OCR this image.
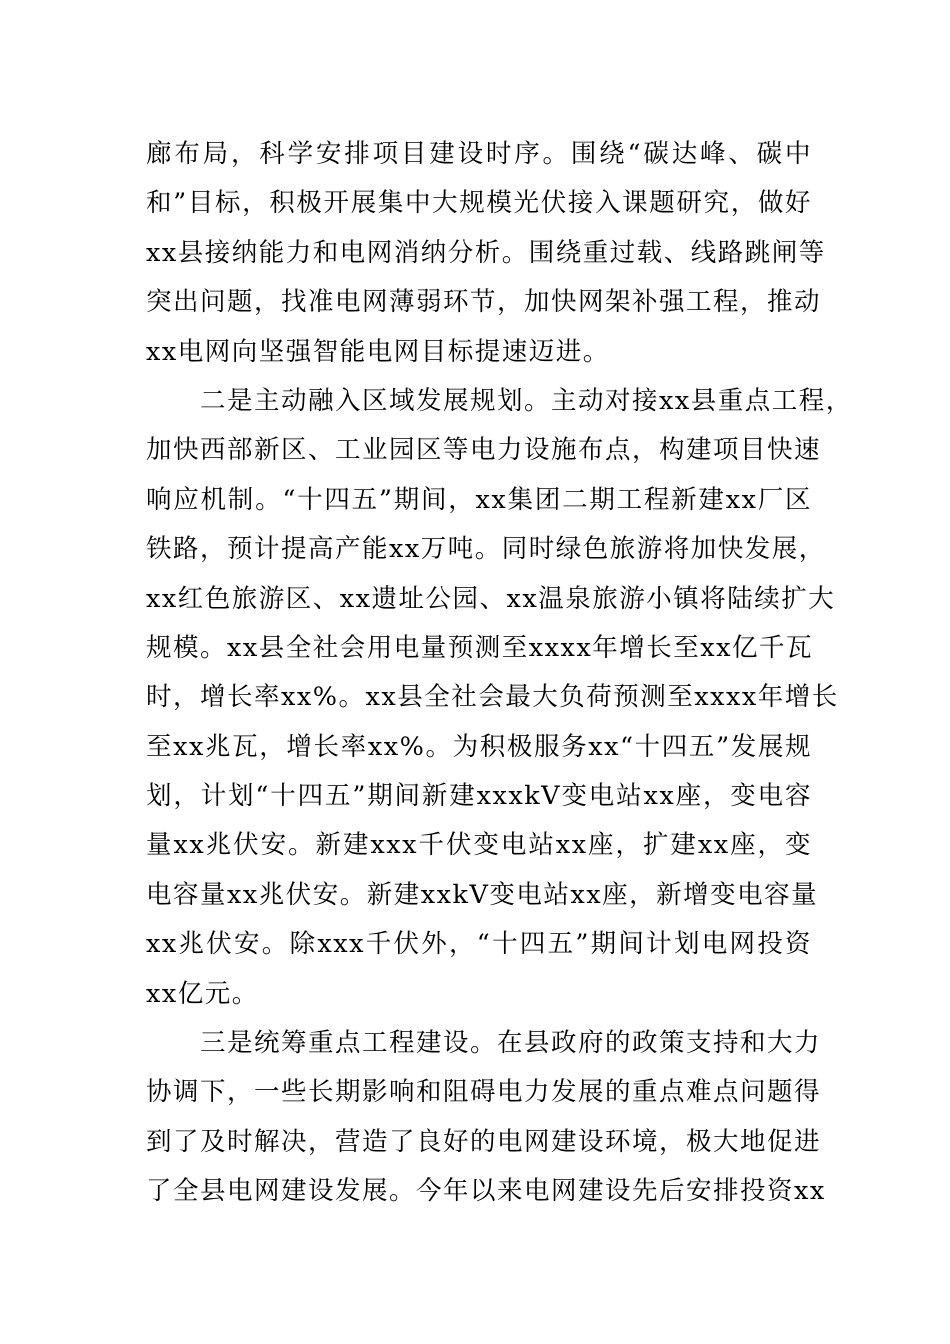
廊布局，科学安排项目建设时序。围绕“碳达峰、碳中
和”目标，积极开展集中大规模光伏接入课题研究，做好
xx县接纳能力和电网消纳分析。围绕重过载、线路跳闸等
突出问题，找准电网薄弱环节，加快网架补强工程，推动
xx电网向坚强智能电网目标提速迈进。
　　二是主动融入区域发展规划。主动对接xx县重点工程，
加快西部新区、工业园区等电力设施布点，构建项目快速
响应机制。“十四五”期间，xx集团二期工程新建xx厂区
铁路，预计提高产能xx万吨。同时绿色旅游将加快发展，
xx红色旅游区、xx遗址公园、xx温泉旅游小镇将陆续扩大
规模。xx县全社会用电量预测至xxxx年增长至xx亿千瓦
时，增长率xx%。xx县全社会最大负荷预测至xxxx年增长
至xx兆瓦，增长率xx%。为积极服务xx“十四五”发展规
划，计划“十四五”期间新建xxxkV变电站xx座，变电容
量xx兆伏安。新建xxx千伏变电站xx座，扩建xx座，变
电容量xx兆伏安。新建xxkV变电站xx座，新增变电容量
xx兆伏安。除xxx千伏外，“十四五”期间计划电网投资
xx亿元。
　　三是统筹重点工程建设。在县政府的政策支持和大力
协调下，一些长期影响和阻碍电力发展的重点难点问题得
到了及时解决，营造了良好的电网建设环境，极大地促进
了全县电网建设发展。今年以来电网建设先后安排投资xx
